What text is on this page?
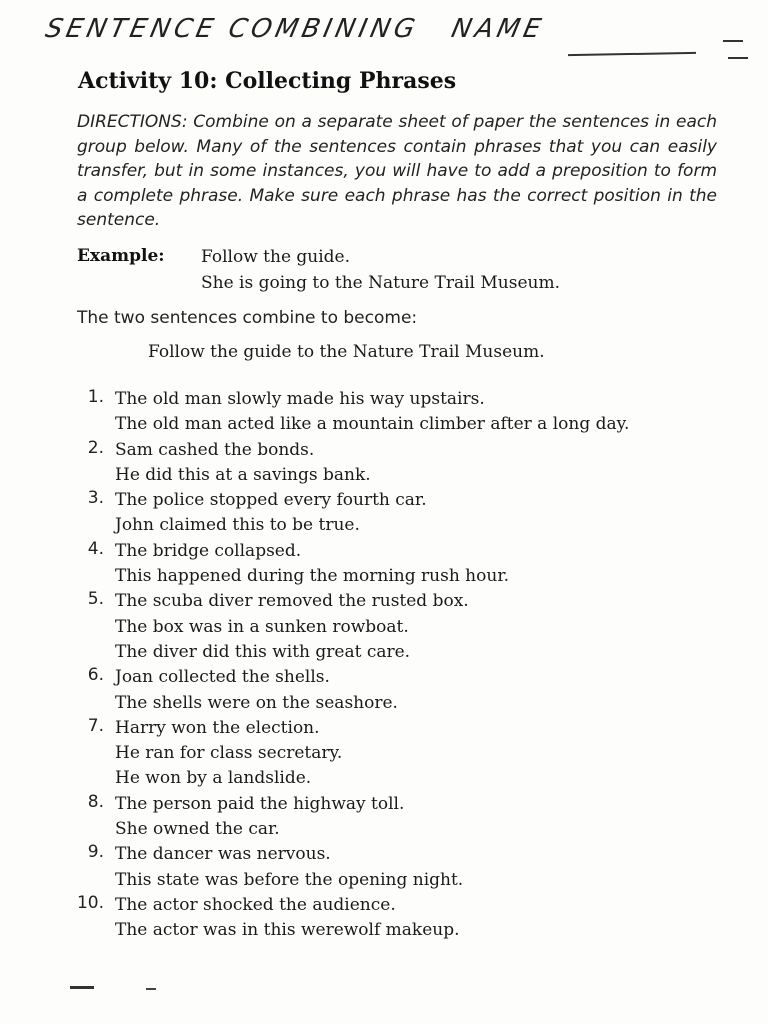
SENTENCE COMBINING NAME
Activity 10: Collecting Phrases

DIRECTIONS: Combine on a separate sheet of paper the sentences in each group below. Many of the sentences contain phrases that you can easily transfer, but in some instances, you will have to add a preposition to form a complete phrase. Make sure each phrase has the correct position in the sentence.

Example: Follow the guide.
She is going to the Nature Trail Museum.
The two sentences combine to become:
Follow the guide to the Nature Trail Museum.
1. The old man slowly made his way upstairs.
The old man acted like a mountain climber after a long day.
2. Sam cashed the bonds.
He did this at a savings bank.
3. The police stopped every fourth car.
John claimed this to be true.
4. The bridge collapsed.
This happened during the morning rush hour.
5. The scuba diver removed the rusted box.
The box was in a sunken rowboat.
The diver did this with great care.
6. Joan collected the shells.
The shells were on the seashore.
7. Harry won the election.
He ran for class secretary.
He won by a landslide.
8. The person paid the highway toll.
She owned the car.
9. The dancer was nervous.
This state was before the opening night.
10. The actor shocked the audience.
The actor was in this werewolf makeup.
